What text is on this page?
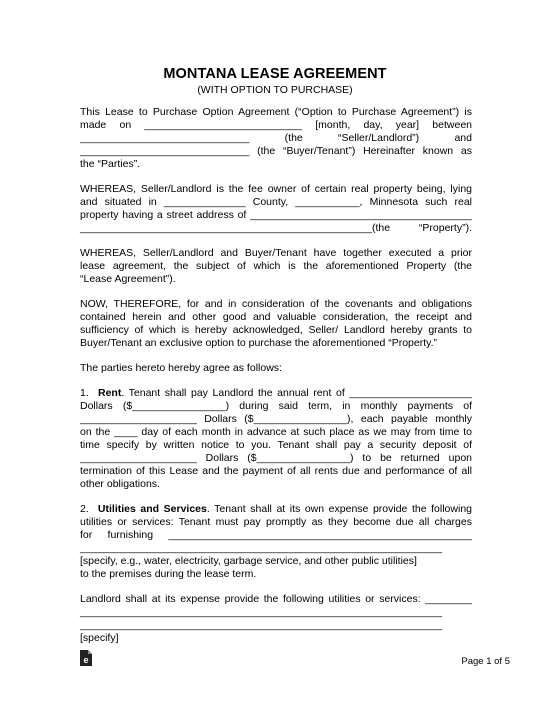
MONTANA LEASE AGREEMENT
(WITH OPTION TO PURCHASE)

This Lease to Purchase Option Agreement (“Option to Purchase Agreement”) is
made on ___________________________ [month, day, year] between
_____________________________ (the “Seller/Landlord”) and
_____________________________ (the “Buyer/Tenant”) Hereinafter known as
the “Parties”.

WHEREAS, Seller/Landlord is the fee owner of certain real property being, lying
and situated in ______________ County, ___________, Minnesota such real
property having a street address of ______________________________________
__________________________________________________(the “Property”).

WHEREAS, Seller/Landlord and Buyer/Tenant have together executed a prior
lease agreement, the subject of which is the aforementioned Property (the
“Lease Agreement”).

NOW, THEREFORE, for and in consideration of the covenants and obligations
contained herein and other good and valuable consideration, the receipt and
sufficiency of which is hereby acknowledged, Seller/ Landlord hereby grants to
Buyer/Tenant an exclusive option to purchase the aforementioned “Property.”

The parties hereto hereby agree as follows:

1. Rent. Tenant shall pay Landlord the annual rent of _____________________
Dollars ($________________) during said term, in monthly payments of
____________________ Dollars ($________________), each payable monthly
on the ____ day of each month in advance at such place as we may from time to
time specify by written notice to you. Tenant shall pay a security deposit of
____________________ Dollars ($________________) to be returned upon
termination of this Lease and the payment of all rents due and performance of all
other obligations.

2. Utilities and Services. Tenant shall at its own expense provide the following
utilities or services: Tenant must pay promptly as they become due all charges
for furnishing ____________________________________________________
______________________________________________________________
[specify, e.g., water, electricity, garbage service, and other public utilities]
to the premises during the lease term.

Landlord shall at its expense provide the following utilities or services: ________
______________________________________________________________
______________________________________________________________
[specify]

e	Page 1 of 5
